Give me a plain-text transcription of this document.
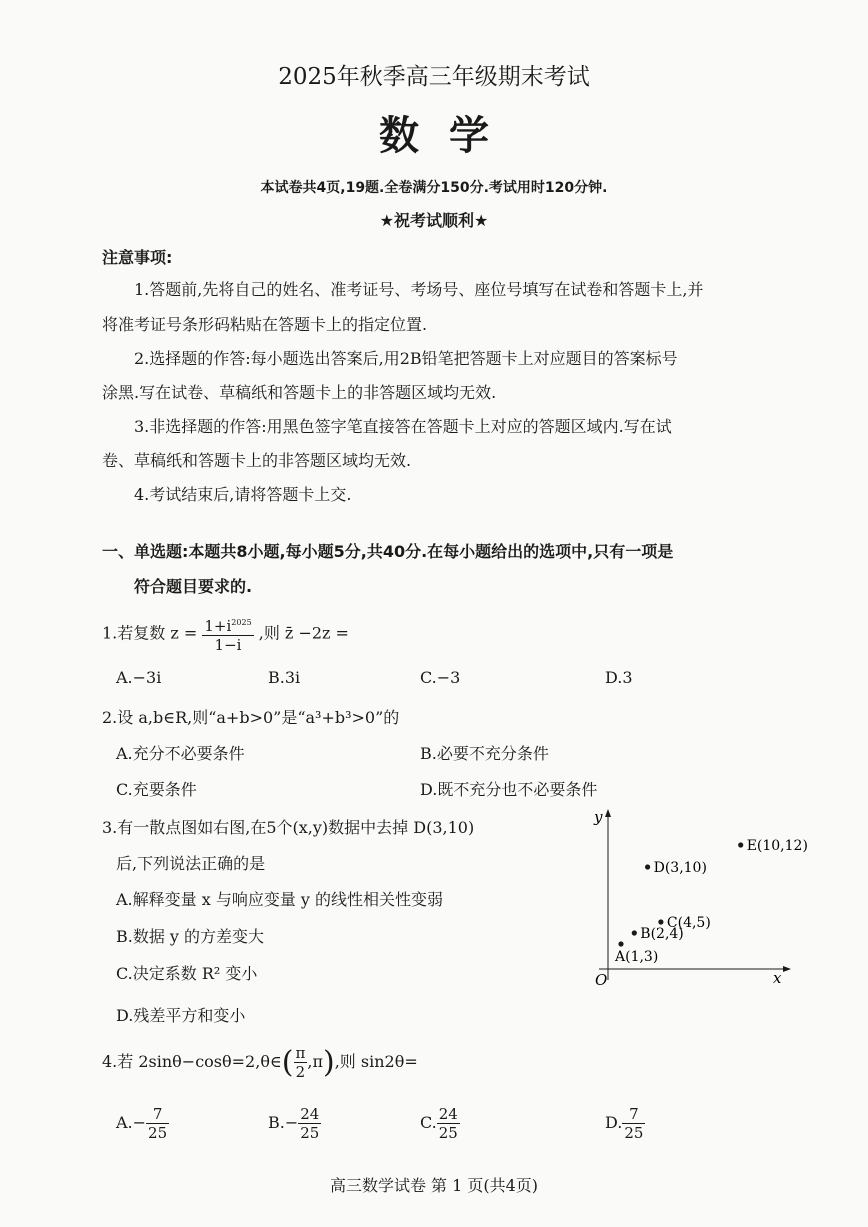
2025年秋季高三年级期末考试
数学
本试卷共4页,19题.全卷满分150分.考试用时120分钟.
★祝考试顺利★
注意事项:
1.答题前,先将自己的姓名、准考证号、考场号、座位号填写在试卷和答题卡上,并
将准考证号条形码粘贴在答题卡上的指定位置.
2.选择题的作答:每小题选出答案后,用2B铅笔把答题卡上对应题目的答案标号
涂黑.写在试卷、草稿纸和答题卡上的非答题区域均无效.
3.非选择题的作答:用黑色签字笔直接答在答题卡上对应的答题区域内.写在试
卷、草稿纸和答题卡上的非答题区域均无效.
4.考试结束后,请将答题卡上交.
一、单选题:本题共8小题,每小题5分,共40分.在每小题给出的选项中,只有一项是
符合题目要求的.
1.若复数 $z = \frac{1+i^{2025}}{1-i}$ ,则 z̄ −2z =
A.−3i	B.3i	C.−3	D.3
2.设 a,b∈R,则“a+b>0”是“a³+b³>0”的
A.充分不必要条件	B.必要不充分条件
C.充要条件	D.既不充分也不必要条件
3.有一散点图如右图,在5个(x,y)数据中去掉 D(3,10)
后,下列说法正确的是
A.解释变量 x 与响应变量 y 的线性相关性变弱
B.数据 y 的方差变大
C.决定系数 R² 变小
D.残差平方和变小
y
x
O
A(1,3)
B(2,4)
C(4,5)
D(3,10)
E(10,12)
4.若 2sinθ−cosθ=2,θ∈( $\frac{\pi}{2} ,\pi$),则 sin2θ=
$A.- \frac{7}{25}$	$B.- \frac{24}{25}$	C. $\frac{24}{25}$	D. $\frac{7}{25}$
高三数学试卷 第 1 页(共4页)
